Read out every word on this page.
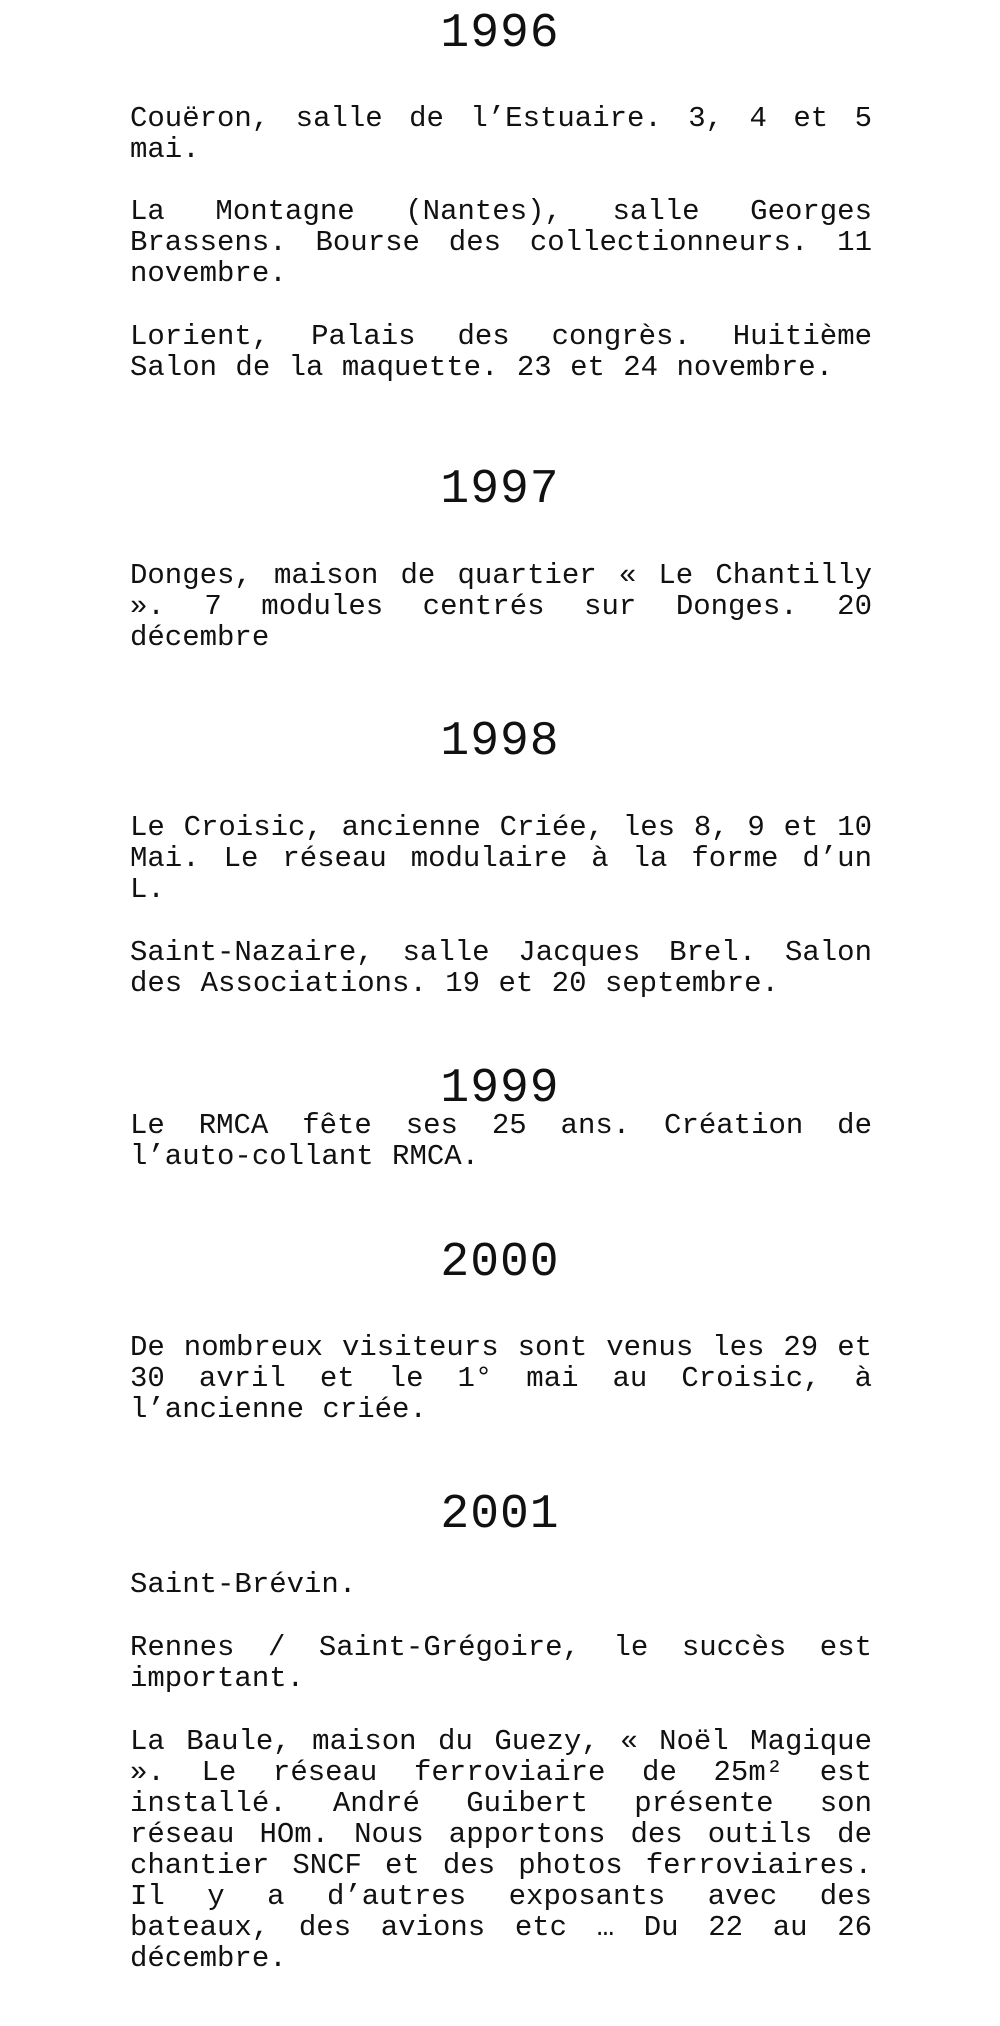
1996

Couëron, salle de l’Estuaire. 3, 4 et 5 mai.

La Montagne (Nantes), salle Georges Brassens. Bourse des collectionneurs. 11 novembre.

Lorient, Palais des congrès. Huitième Salon de la maquette. 23 et 24 novembre.

1997

Donges, maison de quartier « Le Chantilly ». 7 modules centrés sur Donges. 20 décembre

1998

Le Croisic, ancienne Criée, les 8, 9 et 10 Mai. Le réseau modulaire à la forme d’un L.

Saint-Nazaire, salle Jacques Brel. Salon des Associations. 19 et 20 septembre.

1999

Le RMCA fête ses 25 ans. Création de l’auto-collant RMCA.

2000

De nombreux visiteurs sont venus les 29 et 30 avril et le 1° mai au Croisic, à l’ancienne criée.

2001

Saint-Brévin.

Rennes / Saint-Grégoire, le succès est important.

La Baule, maison du Guezy, « Noël Magique ». Le réseau ferroviaire de 25m² est installé. André Guibert présente son réseau HOm. Nous apportons des outils de chantier SNCF et des photos ferroviaires. Il y a d’autres exposants avec des bateaux, des avions etc … Du 22 au 26 décembre.
